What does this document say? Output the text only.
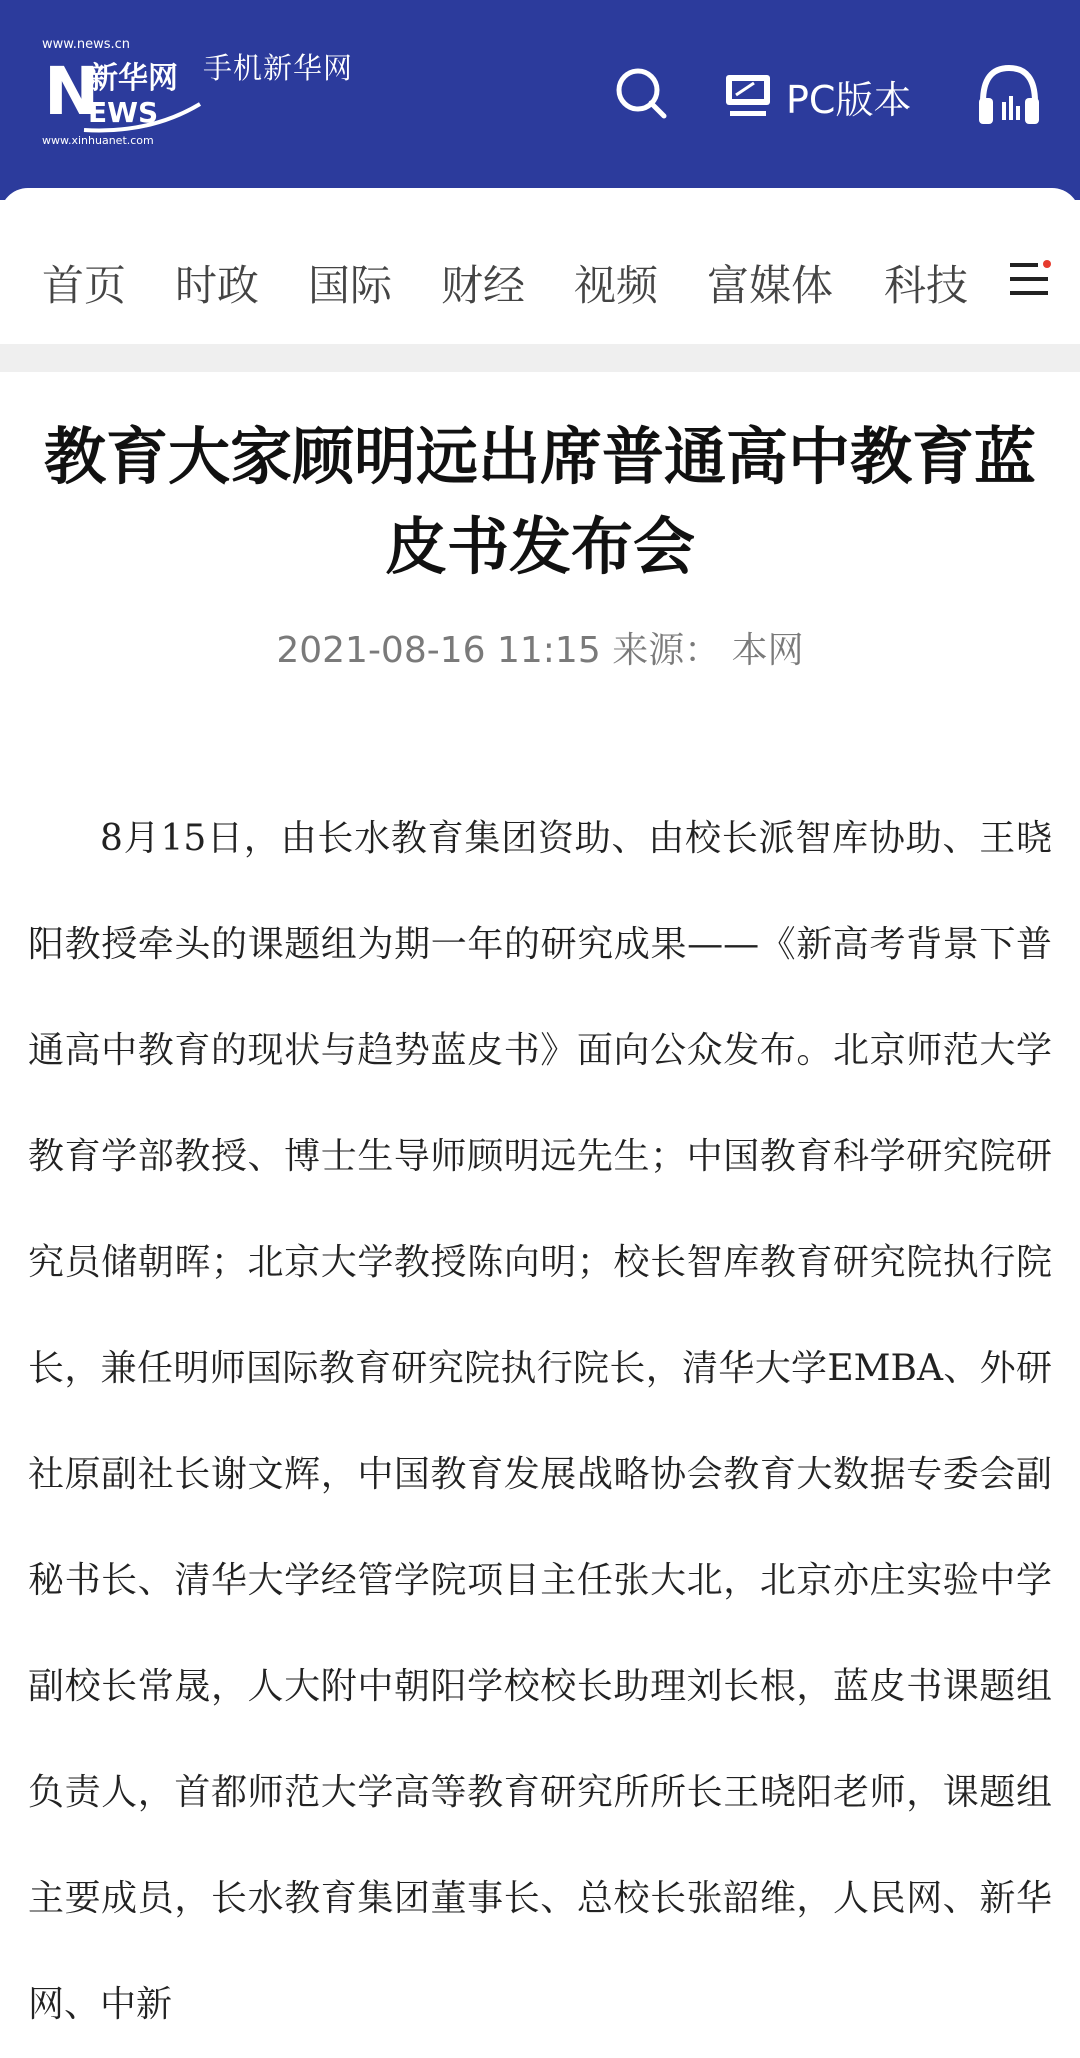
www.news.cn
N
新华网
EWS
www.xinhuanet.com
手机新华网
PC版本
首页 时政 国际 财经 视频 富媒体 科技
教育大家顾明远出席普通高中教育蓝皮书发布会
2021-08-16 11:15 来源： 本网
8月15日，由长水教育集团资助、由校长派智库协助、王晓阳教授牵头的课题组为期一年的研究成果——《新高考背景下普通高中教育的现状与趋势蓝皮书》面向公众发布。北京师范大学教育学部教授、博士生导师顾明远先生；中国教育科学研究院研究员储朝晖；北京大学教授陈向明；校长智库教育研究院执行院长，兼任明师国际教育研究院执行院长，清华大学EMBA、外研社原副社长谢文辉，中国教育发展战略协会教育大数据专委会副秘书长、清华大学经管学院项目主任张大北，北京亦庄实验中学副校长常晟，人大附中朝阳学校校长助理刘长根，蓝皮书课题组负责人，首都师范大学高等教育研究所所长王晓阳老师，课题组主要成员，长水教育集团董事长、总校长张韶维，人民网、新华网、中新
